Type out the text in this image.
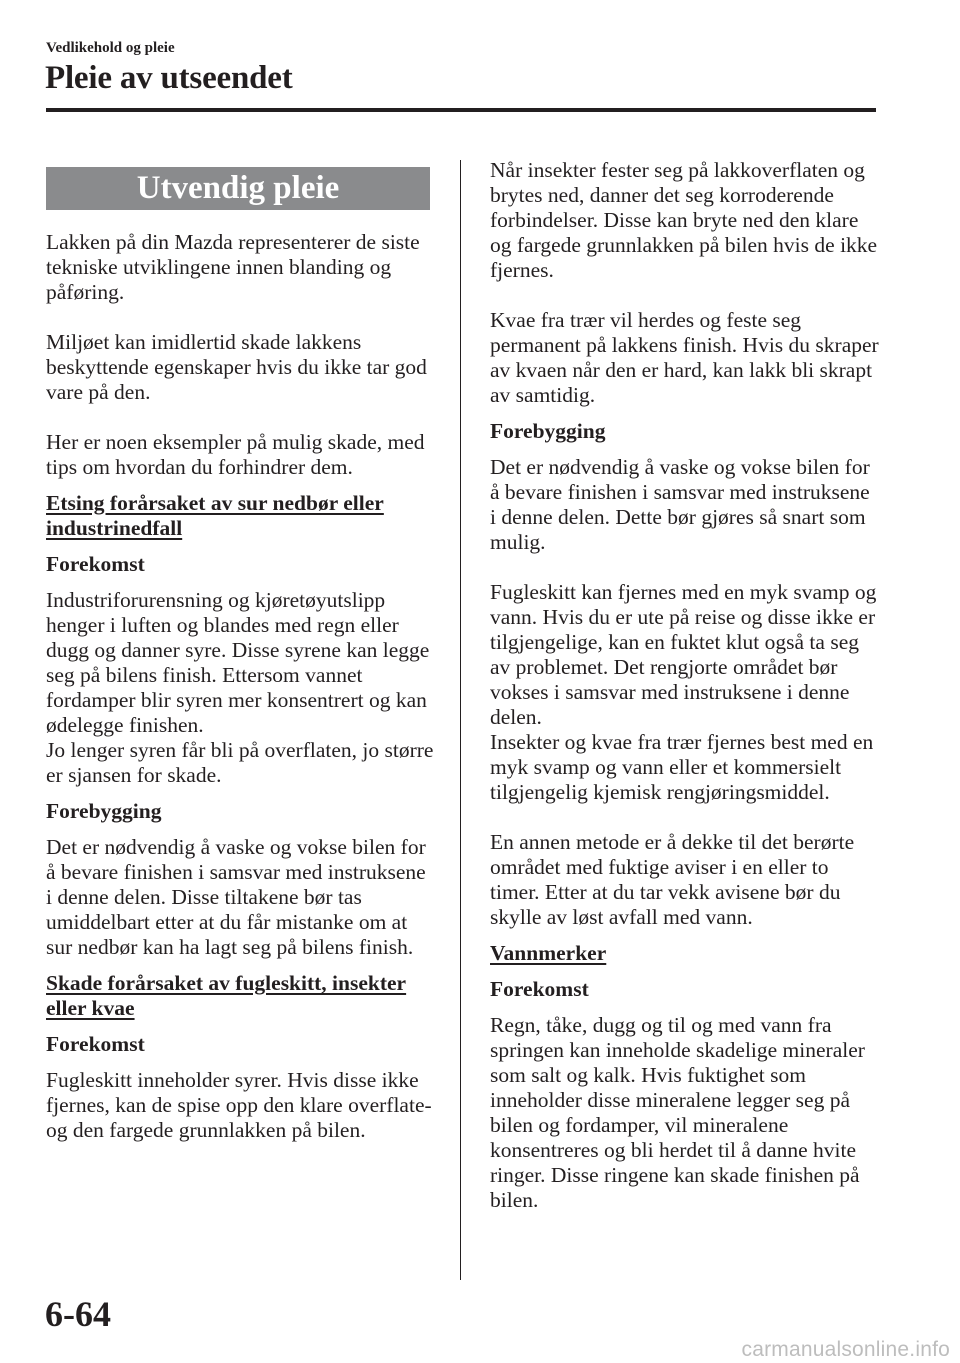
Vedlikehold og pleie
Pleie av utseendet
Utvendig pleie

Lakken på din Mazda representerer de siste tekniske utviklingene innen blanding og påføring.

Miljøet kan imidlertid skade lakkens beskyttende egenskaper hvis du ikke tar god vare på den.

Her er noen eksempler på mulig skade, med tips om hvordan du forhindrer dem.

Etsing forårsaket av sur nedbør eller industrinedfall

Forekomst

Industriforurensning og kjøretøyutslipp henger i luften og blandes med regn eller dugg og danner syre. Disse syrene kan legge seg på bilens finish. Ettersom vannet fordamper blir syren mer konsentrert og kan ødelegge finishen.

Jo lenger syren får bli på overflaten, jo større er sjansen for skade.

Forebygging

Det er nødvendig å vaske og vokse bilen for å bevare finishen i samsvar med instruksene i denne delen. Disse tiltakene bør tas umiddelbart etter at du får mistanke om at sur nedbør kan ha lagt seg på bilens finish.

Skade forårsaket av fugleskitt, insekter eller kvae

Forekomst

Fugleskitt inneholder syrer. Hvis disse ikke fjernes, kan de spise opp den klare overflate- og den fargede grunnlakken på bilen.

Når insekter fester seg på lakkoverflaten og brytes ned, danner det seg korroderende forbindelser. Disse kan bryte ned den klare og fargede grunnlakken på bilen hvis de ikke fjernes.

Kvae fra trær vil herdes og feste seg permanent på lakkens finish. Hvis du skraper av kvaen når den er hard, kan lakk bli skrapt av samtidig.

Forebygging

Det er nødvendig å vaske og vokse bilen for å bevare finishen i samsvar med instruksene i denne delen. Dette bør gjøres så snart som mulig.

Fugleskitt kan fjernes med en myk svamp og vann. Hvis du er ute på reise og disse ikke er tilgjengelige, kan en fuktet klut også ta seg av problemet. Det rengjorte området bør vokses i samsvar med instruksene i denne delen.

Insekter og kvae fra trær fjernes best med en myk svamp og vann eller et kommersielt tilgjengelig kjemisk rengjøringsmiddel.

En annen metode er å dekke til det berørte området med fuktige aviser i en eller to timer. Etter at du tar vekk avisene bør du skylle av løst avfall med vann.

Vannmerker

Forekomst

Regn, tåke, dugg og til og med vann fra springen kan inneholde skadelige mineraler som salt og kalk. Hvis fuktighet som inneholder disse mineralene legger seg på bilen og fordamper, vil mineralene konsentreres og bli herdet til å danne hvite ringer. Disse ringene kan skade finishen på bilen.

6-64
carmanualsonline.info
